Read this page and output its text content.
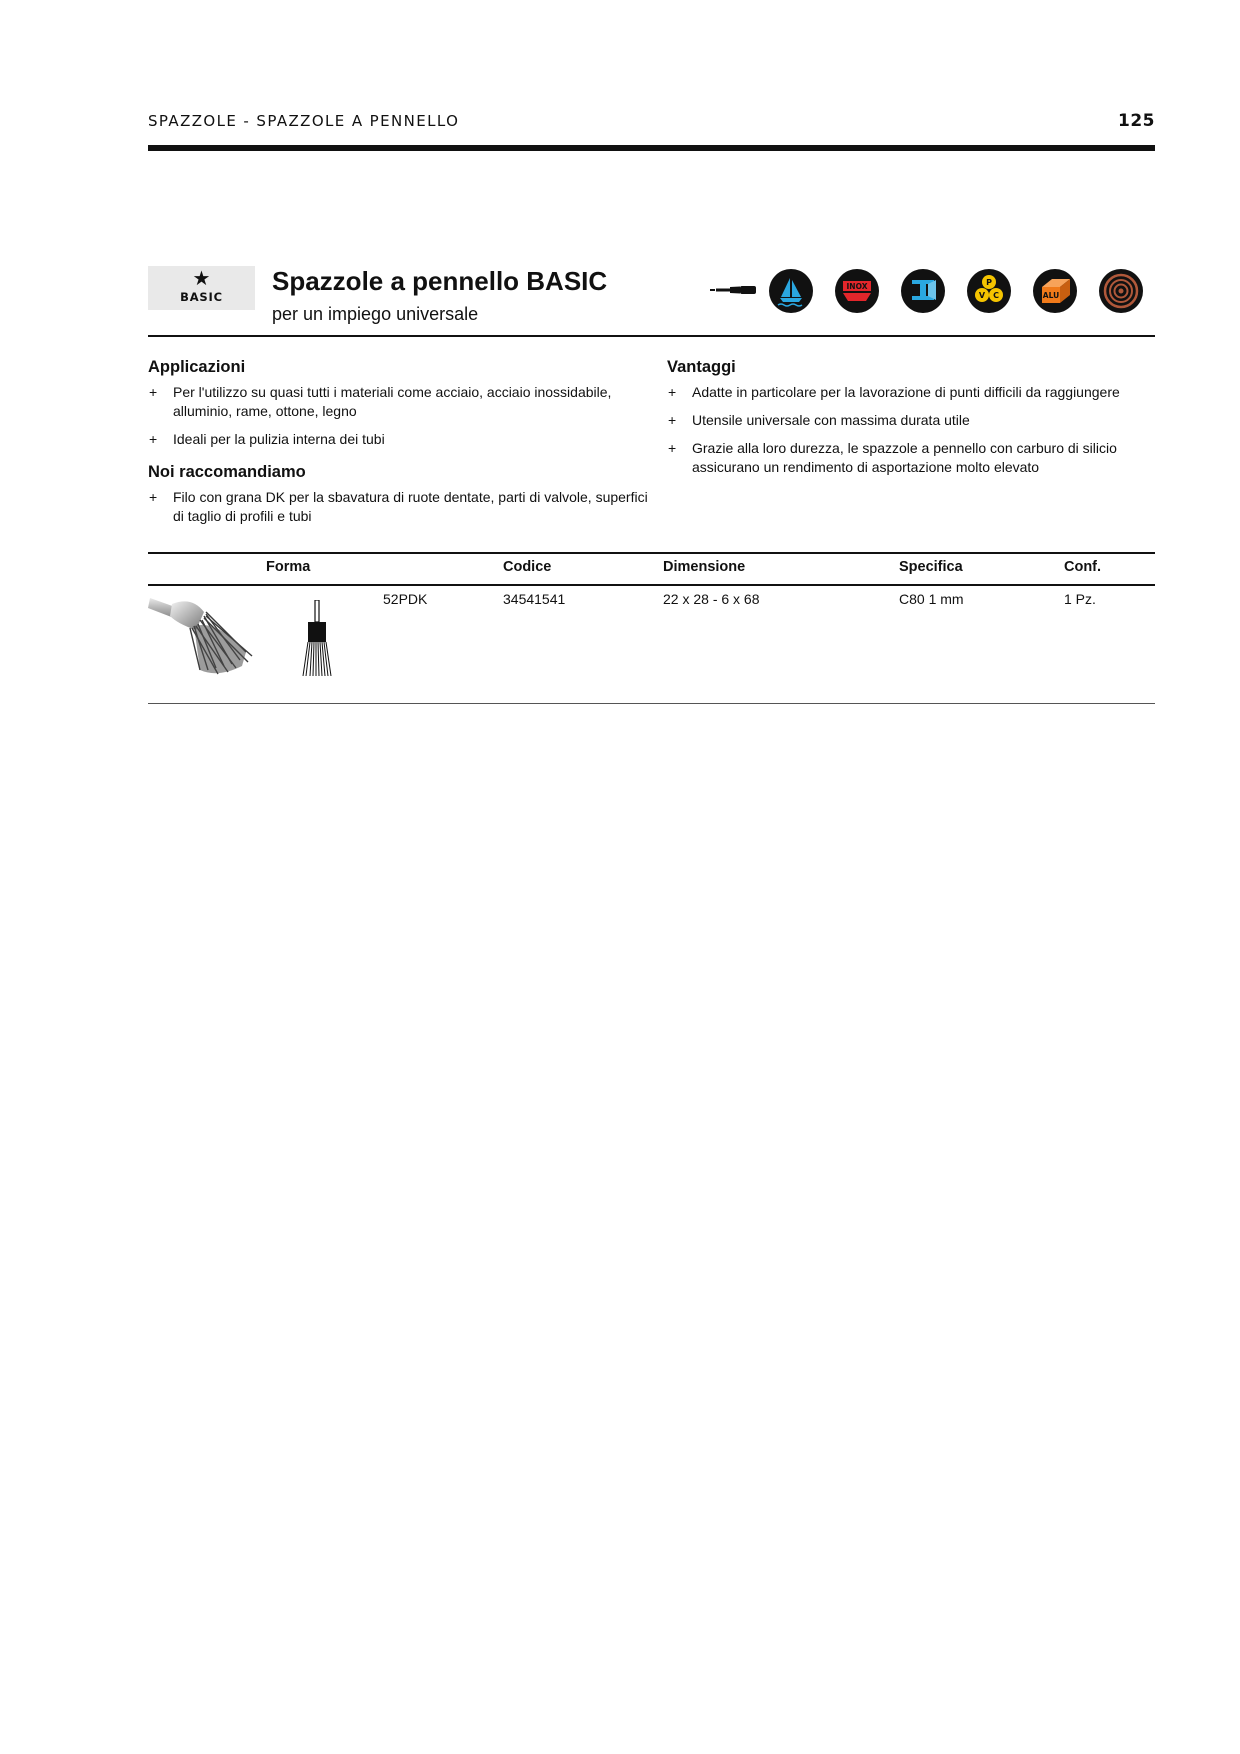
SPAZZOLE - SPAZZOLE A PENNELLO	125
★
BASIC
Spazzole a pennello BASIC
per un impiego universale
INOX	P
V C	ALU
Applicazioni
+ Per l'utilizzo su quasi tutti i materiali come acciaio, acciaio inossidabile, alluminio, rame, ottone, legno
+ Ideali per la pulizia interna dei tubi
Noi raccomandiamo
+ Filo con grana DK per la sbavatura di ruote dentate, parti di valvole, superfici di taglio di profili e tubi
Vantaggi
+ Adatte in particolare per la lavorazione di punti difficili da raggiungere
+ Utensile universale con massima durata utile
+ Grazie alla loro durezza, le spazzole a pennello con carburo di silicio assicurano un rendimento di asportazione molto elevato
Forma	Codice	Dimensione	Specifica	Conf.
52PDK	34541541	22 x 28 - 6 x 68	C80 1 mm	1 Pz.
